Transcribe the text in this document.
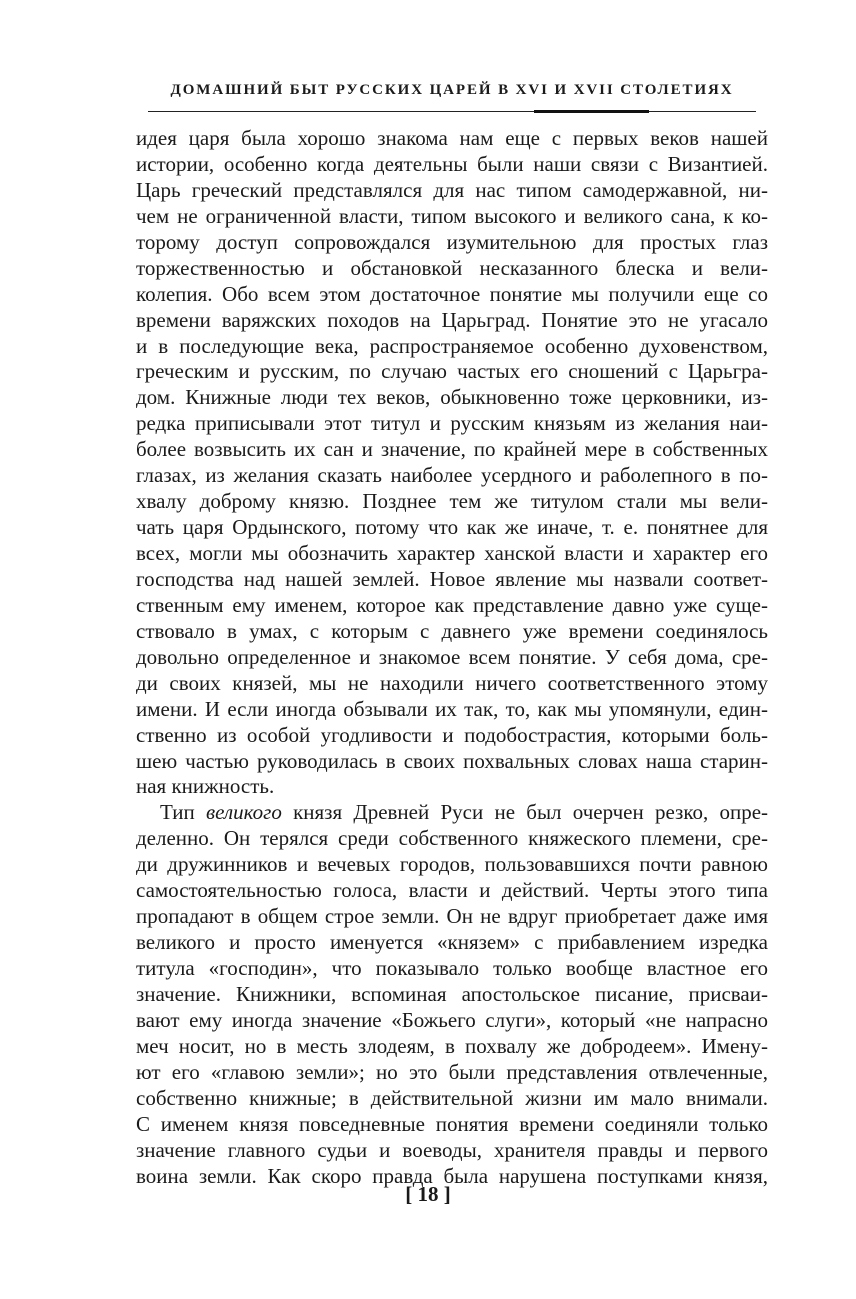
ДОМАШНИЙ БЫТ РУССКИХ ЦАРЕЙ В XVI И XVII СТОЛЕТИЯХ
идея царя была хорошо знакома нам еще с первых веков нашей
истории, особенно когда деятельны были наши связи с Византией.
Царь греческий представлялся для нас типом самодержавной, ни-
чем не ограниченной власти, типом высокого и великого сана, к ко-
торому доступ сопровождался изумительною для простых глаз
торжественностью и обстановкой несказанного блеска и вели-
колепия. Обо всем этом достаточное понятие мы получили еще со
времени варяжских походов на Царьград. Понятие это не угасало
и в последующие века, распространяемое особенно духовенством,
греческим и русским, по случаю частых его сношений с Царьгра-
дом. Книжные люди тех веков, обыкновенно тоже церковники, из-
редка приписывали этот титул и русским князьям из желания наи-
более возвысить их сан и значение, по крайней мере в собственных
глазах, из желания сказать наиболее усердного и раболепного в по-
хвалу доброму князю. Позднее тем же титулом стали мы вели-
чать царя Ордынского, потому что как же иначе, т. е. понятнее для
всех, могли мы обозначить характер ханской власти и характер его
господства над нашей землей. Новое явление мы назвали соответ-
ственным ему именем, которое как представление давно уже суще-
ствовало в умах, с которым с давнего уже времени соединялось
довольно определенное и знакомое всем понятие. У себя дома, сре-
ди своих князей, мы не находили ничего соответственного этому
имени. И если иногда обзывали их так, то, как мы упомянули, един-
ственно из особой угодливости и подобострастия, которыми боль-
шею частью руководилась в своих похвальных словах наша старин-
ная книжность.
Тип великого князя Древней Руси не был очерчен резко, опре-
деленно. Он терялся среди собственного княжеского племени, сре-
ди дружинников и вечевых городов, пользовавшихся почти равною
самостоятельностью голоса, власти и действий. Черты этого типа
пропадают в общем строе земли. Он не вдруг приобретает даже имя
великого и просто именуется «князем» с прибавлением изредка
титула «господин», что показывало только вообще властное его
значение. Книжники, вспоминая апостольское писание, присваи-
вают ему иногда значение «Божьего слуги», который «не напрасно
меч носит, но в месть злодеям, в похвалу же добродеем». Имену-
ют его «главою земли»; но это были представления отвлеченные,
собственно книжные; в действительной жизни им мало внимали.
С именем князя повседневные понятия времени соединяли только
значение главного судьи и воеводы, хранителя правды и первого
воина земли. Как скоро правда была нарушена поступками князя,
[ 18 ]
